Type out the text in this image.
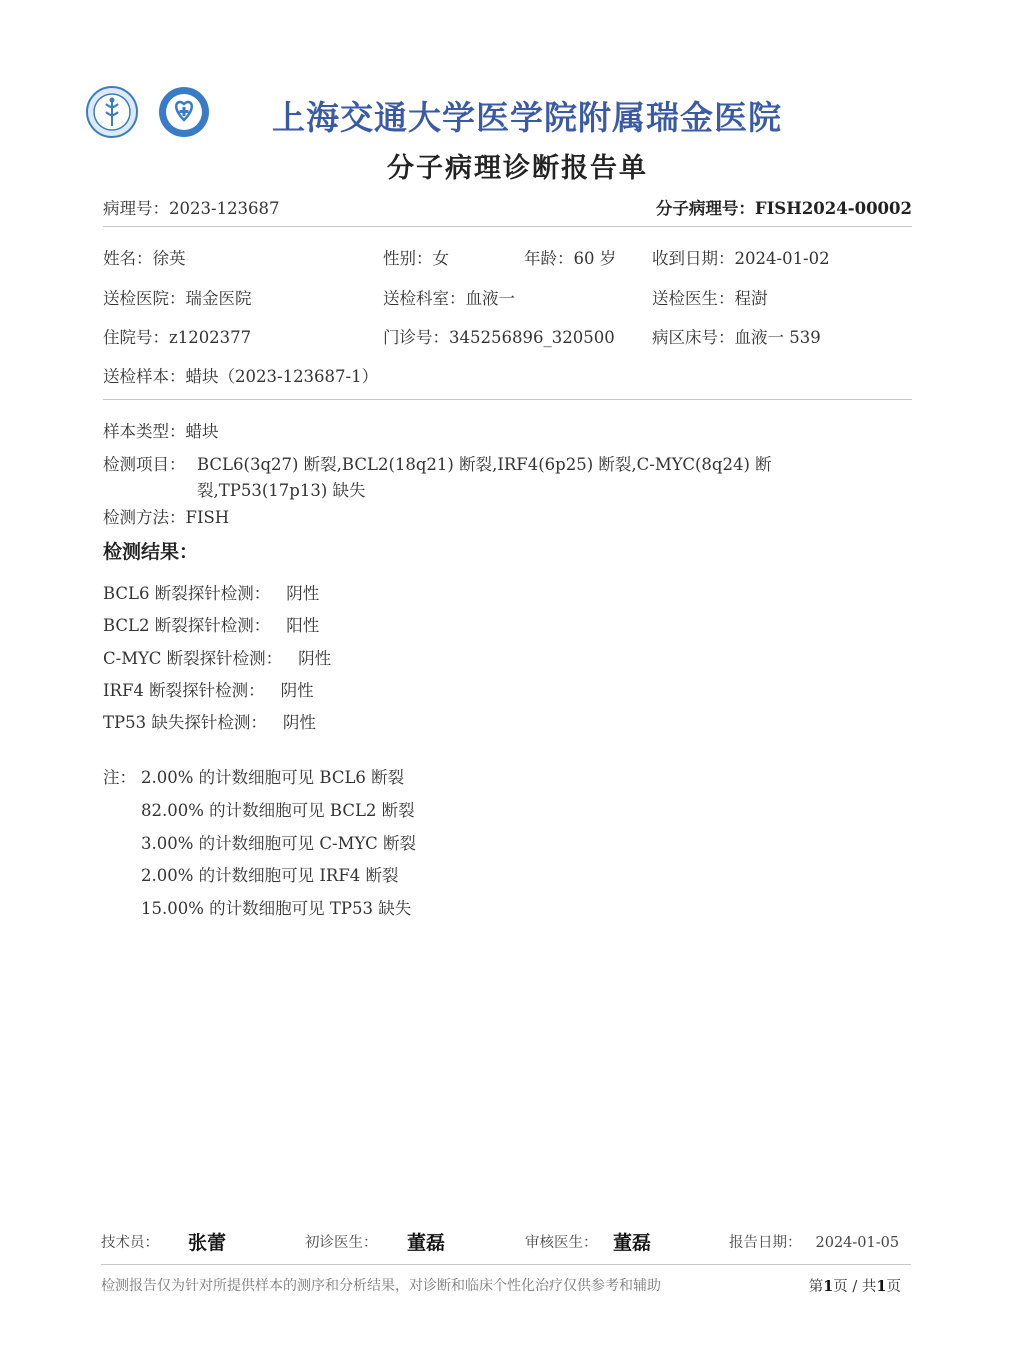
上海交通大学医学院附属瑞金医院
分子病理诊断报告单
病理号：2023-123687	分子病理号：FISH2024-00002
姓名：徐英	性别：女	年龄：60 岁 收到日期：2024-01-02
送检医院：瑞金医院	送检科室：血液一	送检医生：程澍
住院号：z1202377	门诊号：345256896_320500 病区床号：血液一 539
送检样本：蜡块（2023-123687-1）
样本类型：蜡块
检测项目： BCL6(3q27) 断裂,BCL2(18q21) 断裂,IRF4(6p25) 断裂,C-MYC(8q24) 断
裂,TP53(17p13) 缺失
检测方法：FISH
检测结果：
BCL6 断裂探针检测： 阴性
BCL2 断裂探针检测： 阳性
C-MYC 断裂探针检测： 阴性
IRF4 断裂探针检测： 阴性
TP53 缺失探针检测： 阴性
注： 2.00% 的计数细胞可见 BCL6 断裂
82.00% 的计数细胞可见 BCL2 断裂
3.00% 的计数细胞可见 C-MYC 断裂
2.00% 的计数细胞可见 IRF4 断裂
15.00% 的计数细胞可见 TP53 缺失
技术员： 张蕾	初诊医生： 董磊	审核医生： 董磊	报告日期： 2024-01-05
检测报告仅为针对所提供样本的测序和分析结果，对诊断和临床个性化治疗仅供参考和辅助	第1页 / 共1页
